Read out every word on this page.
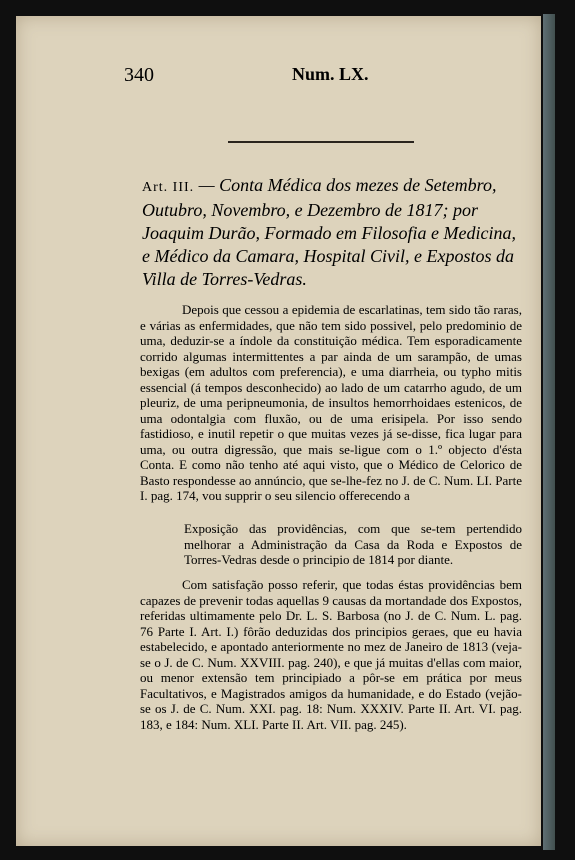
340	Num. LX.
Art. III. — Conta Médica dos mezes de Setembro, Outubro, Novembro, e Dezembro de 1817; por Joaquim Durão, Formado em Filosofia e Medicina, e Médico da Camara, Hospital Civil, e Expostos da Villa de Torres-Vedras.

Depois que cessou a epidemia de escarlatinas, tem sido tão raras, e várias as enfermidades, que não tem sido possivel, pelo predominio de uma, deduzir-se a índole da constituição médica. Tem esporadicamente corrido algumas intermittentes a par ainda de um sarampão, de umas bexigas (em adultos com preferencia), e uma diarrheia, ou typho mitis essencial (á tempos desconhecido) ao lado de um catarrho agudo, de um pleuriz, de uma peripneumonia, de insultos hemorrhoidaes estenicos, de uma odontalgia com fluxão, ou de uma erisipela. Por isso sendo fastidioso, e inutil repetir o que muitas vezes já se-disse, fica lugar para uma, ou outra digressão, que mais se-ligue com o 1.º objecto d'ésta Conta. E como não tenho até aqui visto, que o Médico de Celorico de Basto respondesse ao annúncio, que se-lhe-fez no J. de C. Num. LI. Parte I. pag. 174, vou supprir o seu silencio offerecendo a

Exposição das providências, com que se-tem pertendido melhorar a Administração da Casa da Roda e Expostos de Torres-Vedras desde o principio de 1814 por diante.

Com satisfação posso referir, que todas éstas providências bem capazes de prevenir todas aquellas 9 causas da mortandade dos Expostos, referidas ultimamente pelo Dr. L. S. Barbosa (no J. de C. Num. L. pag. 76 Parte I. Art. I.) fôrão deduzidas dos principios geraes, que eu havia estabelecido, e apontado anteriormente no mez de Janeiro de 1813 (veja-se o J. de C. Num. XXVIII. pag. 240), e que já muitas d'ellas com maior, ou menor extensão tem principiado a pôr-se em prática por meus Facultativos, e Magistrados amigos da humanidade, e do Estado (vejão-se os J. de C. Num. XXI. pag. 18: Num. XXXIV. Parte II. Art. VI. pag. 183, e 184: Num. XLI. Parte II. Art. VII. pag. 245).
